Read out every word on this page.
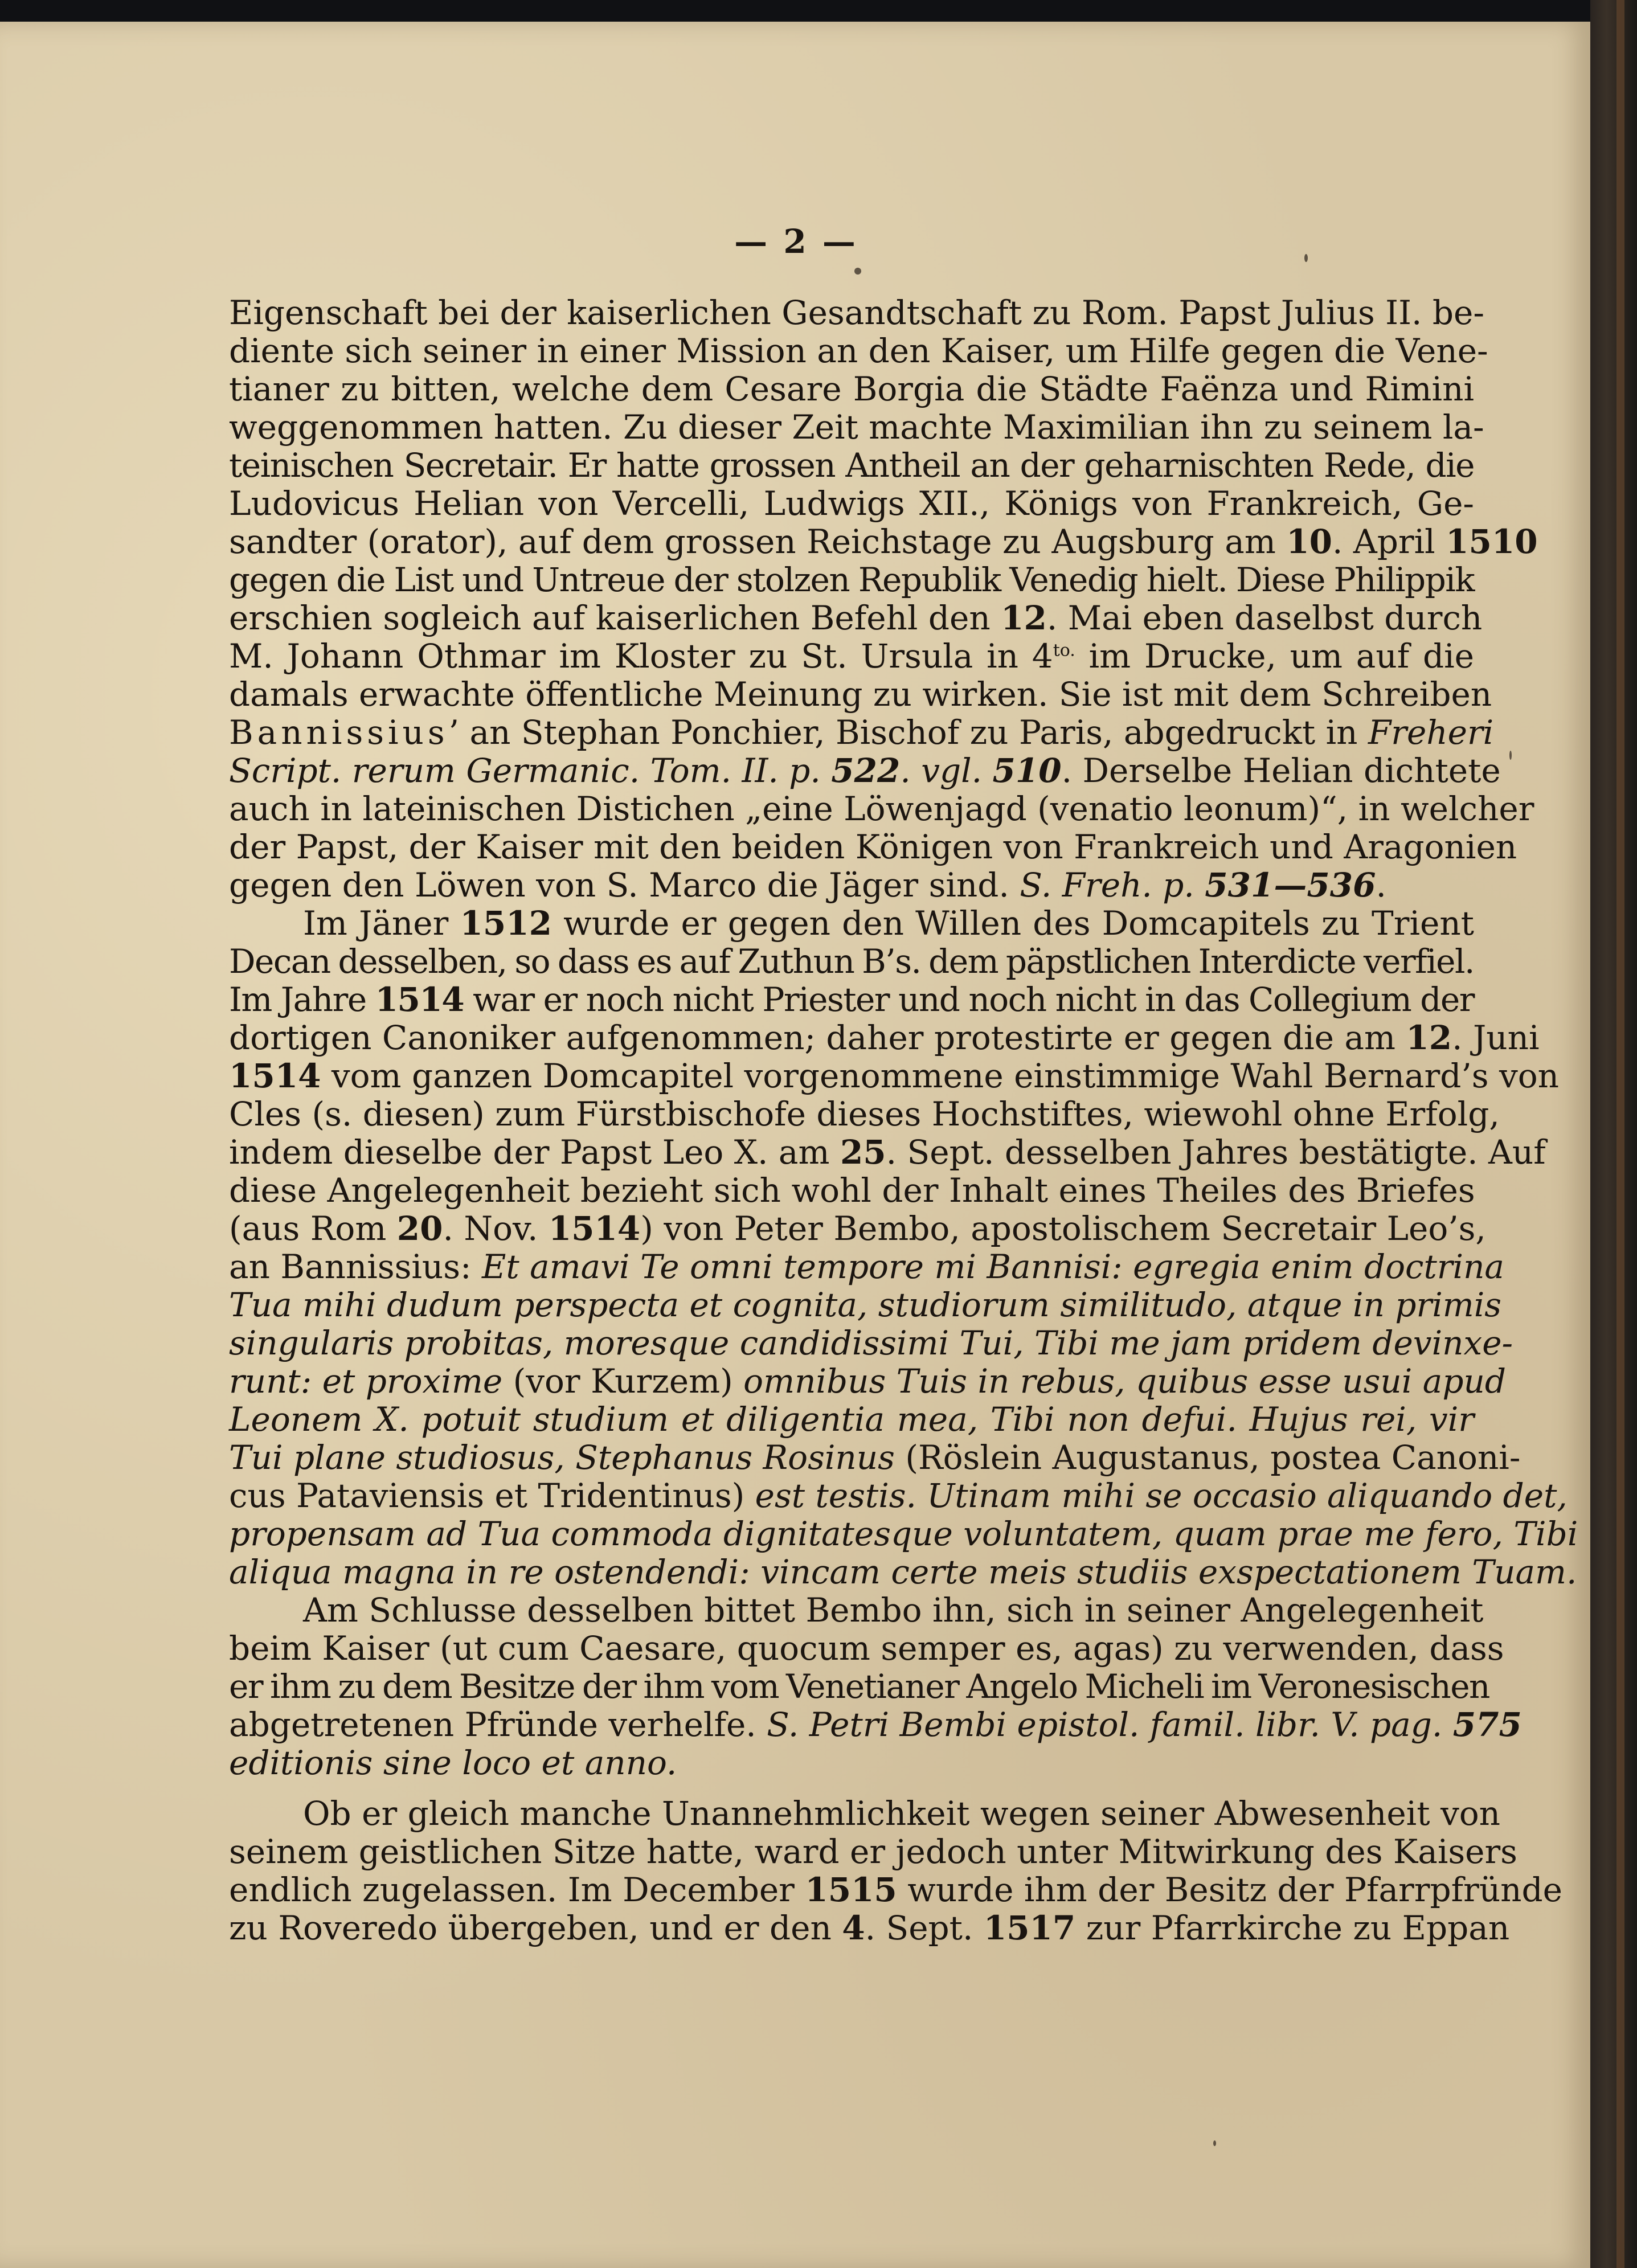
— 2 —
Eigenschaft bei der kaiserlichen Gesandtschaft zu Rom. Papst Julius II. be-
diente sich seiner in einer Mission an den Kaiser, um Hilfe gegen die Vene-
tianer zu bitten, welche dem Cesare Borgia die Städte Faënza und Rimini
weggenommen hatten. Zu dieser Zeit machte Maximilian ihn zu seinem la-
teinischen Secretair. Er hatte grossen Antheil an der geharnischten Rede, die
Ludovicus Helian von Vercelli, Ludwigs XII., Königs von Frankreich, Ge-
sandter (orator), auf dem grossen Reichstage zu Augsburg am 10. April 1510
gegen die List und Untreue der stolzen Republik Venedig hielt. Diese Philippik
erschien sogleich auf kaiserlichen Befehl den 12. Mai eben daselbst durch
M. Johann Othmar im Kloster zu St. Ursula in $4^{to.}$ im Drucke, um auf die
damals erwachte öffentliche Meinung zu wirken. Sie ist mit dem Schreiben
Bannissius’ an Stephan Ponchier, Bischof zu Paris, abgedruckt in Freheri
Script. rerum Germanic. Tom. II. p. 522. vgl. 510. Derselbe Helian dichtete
auch in lateinischen Distichen „eine Löwenjagd (venatio leonum)“, in welcher
der Papst, der Kaiser mit den beiden Königen von Frankreich und Aragonien
gegen den Löwen von S. Marco die Jäger sind. S. Freh. p. 531—536.
Im Jäner 1512 wurde er gegen den Willen des Domcapitels zu Trient
Decan desselben, so dass es auf Zuthun B’s. dem päpstlichen Interdicte verfiel.
Im Jahre 1514 war er noch nicht Priester und noch nicht in das Collegium der
dortigen Canoniker aufgenommen; daher protestirte er gegen die am 12. Juni
1514 vom ganzen Domcapitel vorgenommene einstimmige Wahl Bernard’s von
Cles (s. diesen) zum Fürstbischofe dieses Hochstiftes, wiewohl ohne Erfolg,
indem dieselbe der Papst Leo X. am 25. Sept. desselben Jahres bestätigte. Auf
diese Angelegenheit bezieht sich wohl der Inhalt eines Theiles des Briefes
(aus Rom 20. Nov. 1514) von Peter Bembo, apostolischem Secretair Leo’s,
an Bannissius: Et amavi Te omni tempore mi Bannisi: egregia enim doctrina
Tua mihi dudum perspecta et cognita, studiorum similitudo, atque in primis
singularis probitas, moresque candidissimi Tui, Tibi me jam pridem devinxe-
runt: et proxime (vor Kurzem) omnibus Tuis in rebus, quibus esse usui apud
Leonem X. potuit studium et diligentia mea, Tibi non defui. Hujus rei, vir
Tui plane studiosus, Stephanus Rosinus (Röslein Augustanus, postea Canoni-
cus Pataviensis et Tridentinus) est testis. Utinam mihi se occasio aliquando det,
propensam ad Tua commoda dignitatesque voluntatem, quam prae me fero, Tibi
aliqua magna in re ostendendi: vincam certe meis studiis exspectationem Tuam.
Am Schlusse desselben bittet Bembo ihn, sich in seiner Angelegenheit
beim Kaiser (ut cum Caesare, quocum semper es, agas) zu verwenden, dass
er ihm zu dem Besitze der ihm vom Venetianer Angelo Micheli im Veronesischen
abgetretenen Pfründe verhelfe. S. Petri Bembi epistol. famil. libr. V. pag. 575
editionis sine loco et anno.
Ob er gleich manche Unannehmlichkeit wegen seiner Abwesenheit von
seinem geistlichen Sitze hatte, ward er jedoch unter Mitwirkung des Kaisers
endlich zugelassen. Im December 1515 wurde ihm der Besitz der Pfarrpfründe
zu Roveredo übergeben, und er den 4. Sept. 1517 zur Pfarrkirche zu Eppan
